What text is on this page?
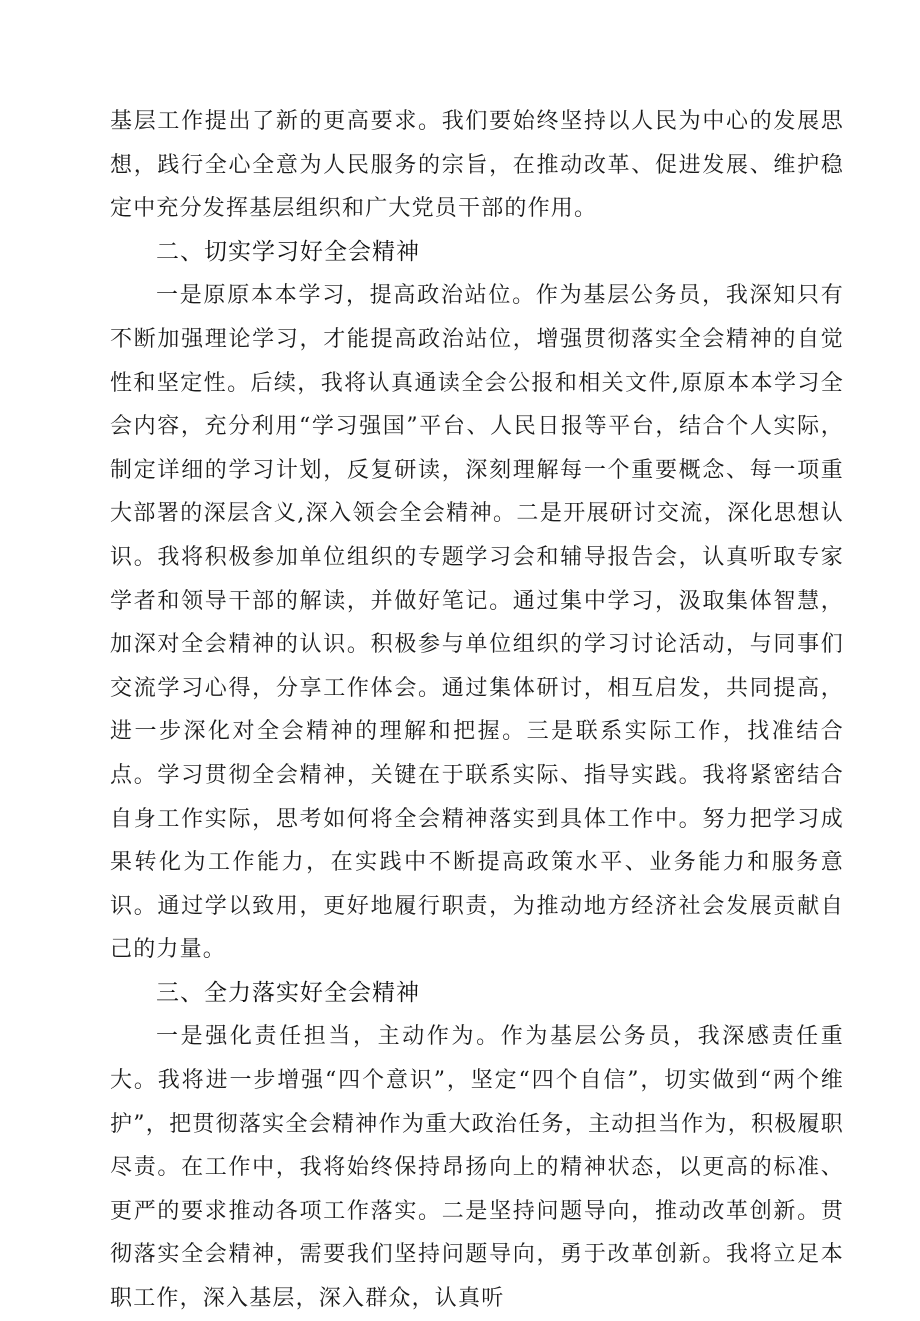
基层工作提出了新的更高要求。我们要始终坚持以人民为中心的发展思想，践行全心全意为人民服务的宗旨，在推动改革、促进发展、维护稳定中充分发挥基层组织和广大党员干部的作用。

二、切实学习好全会精神

一是原原本本学习，提高政治站位。作为基层公务员，我深知只有不断加强理论学习，才能提高政治站位，增强贯彻落实全会精神的自觉性和坚定性。后续，我将认真通读全会公报和相关文件,原原本本学习全会内容，充分利用“学习强国”平台、人民日报等平台，结合个人实际，制定详细的学习计划，反复研读，深刻理解每一个重要概念、每一项重大部署的深层含义,深入领会全会精神。二是开展研讨交流，深化思想认识。我将积极参加单位组织的专题学习会和辅导报告会，认真听取专家学者和领导干部的解读，并做好笔记。通过集中学习，汲取集体智慧，加深对全会精神的认识。积极参与单位组织的学习讨论活动，与同事们交流学习心得，分享工作体会。通过集体研讨，相互启发，共同提高，进一步深化对全会精神的理解和把握。三是联系实际工作，找准结合点。学习贯彻全会精神，关键在于联系实际、指导实践。我将紧密结合自身工作实际，思考如何将全会精神落实到具体工作中。努力把学习成果转化为工作能力，在实践中不断提高政策水平、业务能力和服务意识。通过学以致用，更好地履行职责，为推动地方经济社会发展贡献自己的力量。

三、全力落实好全会精神

一是强化责任担当，主动作为。作为基层公务员，我深感责任重大。我将进一步增强“四个意识”，坚定“四个自信”，切实做到“两个维护”，把贯彻落实全会精神作为重大政治任务，主动担当作为，积极履职尽责。在工作中，我将始终保持昂扬向上的精神状态，以更高的标准、更严的要求推动各项工作落实。二是坚持问题导向，推动改革创新。贯彻落实全会精神，需要我们坚持问题导向，勇于改革创新。我将立足本职工作，深入基层，深入群众，认真听
